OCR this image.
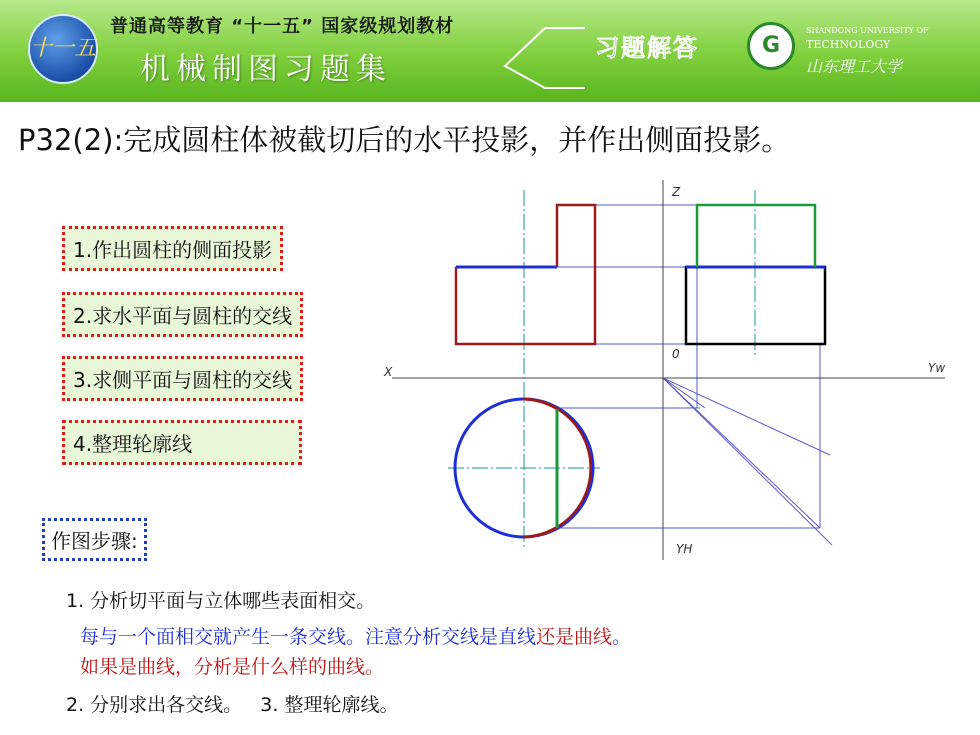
十一五
普通高等教育 “十一五” 国家级规划教材
机械制图习题集
习题解答	G
SHANDONG UNIVERSITY OF
TECHNOLOGY
山东理工大学
P32(2):完成圆柱体被截切后的水平投影，并作出侧面投影。
1.作出圆柱的侧面投影
2.求水平面与圆柱的交线
3.求侧平面与圆柱的交线
4.整理轮廓线
Z
X	Yw
YH
0
作图步骤:
1. 分析切平面与立体哪些表面相交。
每与一个面相交就产生一条交线。注意分析交线是直线还是曲线。
如果是曲线，分析是什么样的曲线。
2. 分别求出各交线。   3. 整理轮廓线。
